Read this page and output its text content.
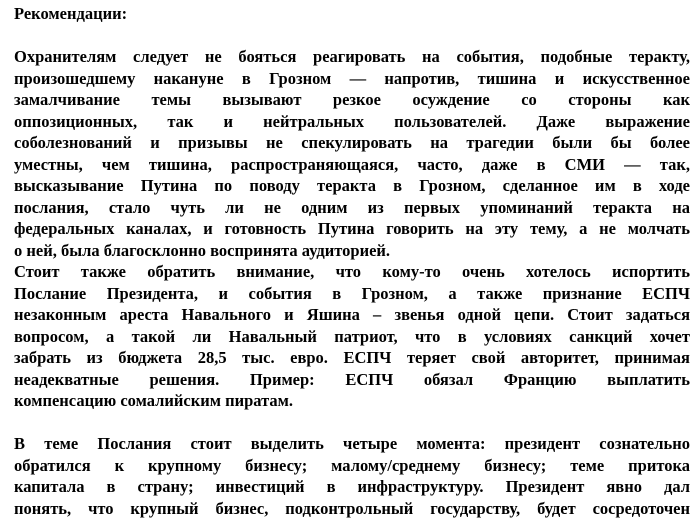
Рекомендации:
Охранителям следует не бояться реагировать на события, подобные теракту,
произошедшему накануне в Грозном — напротив, тишина и искусственное
замалчивание темы вызывают резкое осуждение со стороны как
оппозиционных, так и нейтральных пользователей. Даже выражение
соболезнований и призывы не спекулировать на трагедии были бы более
уместны, чем тишина, распространяющаяся, часто, даже в СМИ — так,
высказывание Путина по поводу теракта в Грозном, сделанное им в ходе
послания, стало чуть ли не одним из первых упоминаний теракта на
федеральных каналах, и готовность Путина говорить на эту тему, а не молчать
о ней, была благосклонно воспринята аудиторией.
Стоит также обратить внимание, что кому-то очень хотелось испортить
Послание Президента, и события в Грозном, а также признание ЕСПЧ
незаконным ареста Навального и Яшина – звенья одной цепи. Стоит задаться
вопросом, а такой ли Навальный патриот, что в условиях санкций хочет
забрать из бюджета 28,5 тыс. евро. ЕСПЧ теряет свой авторитет, принимая
неадекватные решения. Пример: ЕСПЧ обязал Францию выплатить
компенсацию сомалийским пиратам.
В теме Послания стоит выделить четыре момента: президент сознательно
обратился к крупному бизнесу; малому/среднему бизнесу; теме притока
капитала в страну; инвестиций в инфраструктуру. Президент явно дал
понять, что крупный бизнес, подконтрольный государству, будет сосредоточен
